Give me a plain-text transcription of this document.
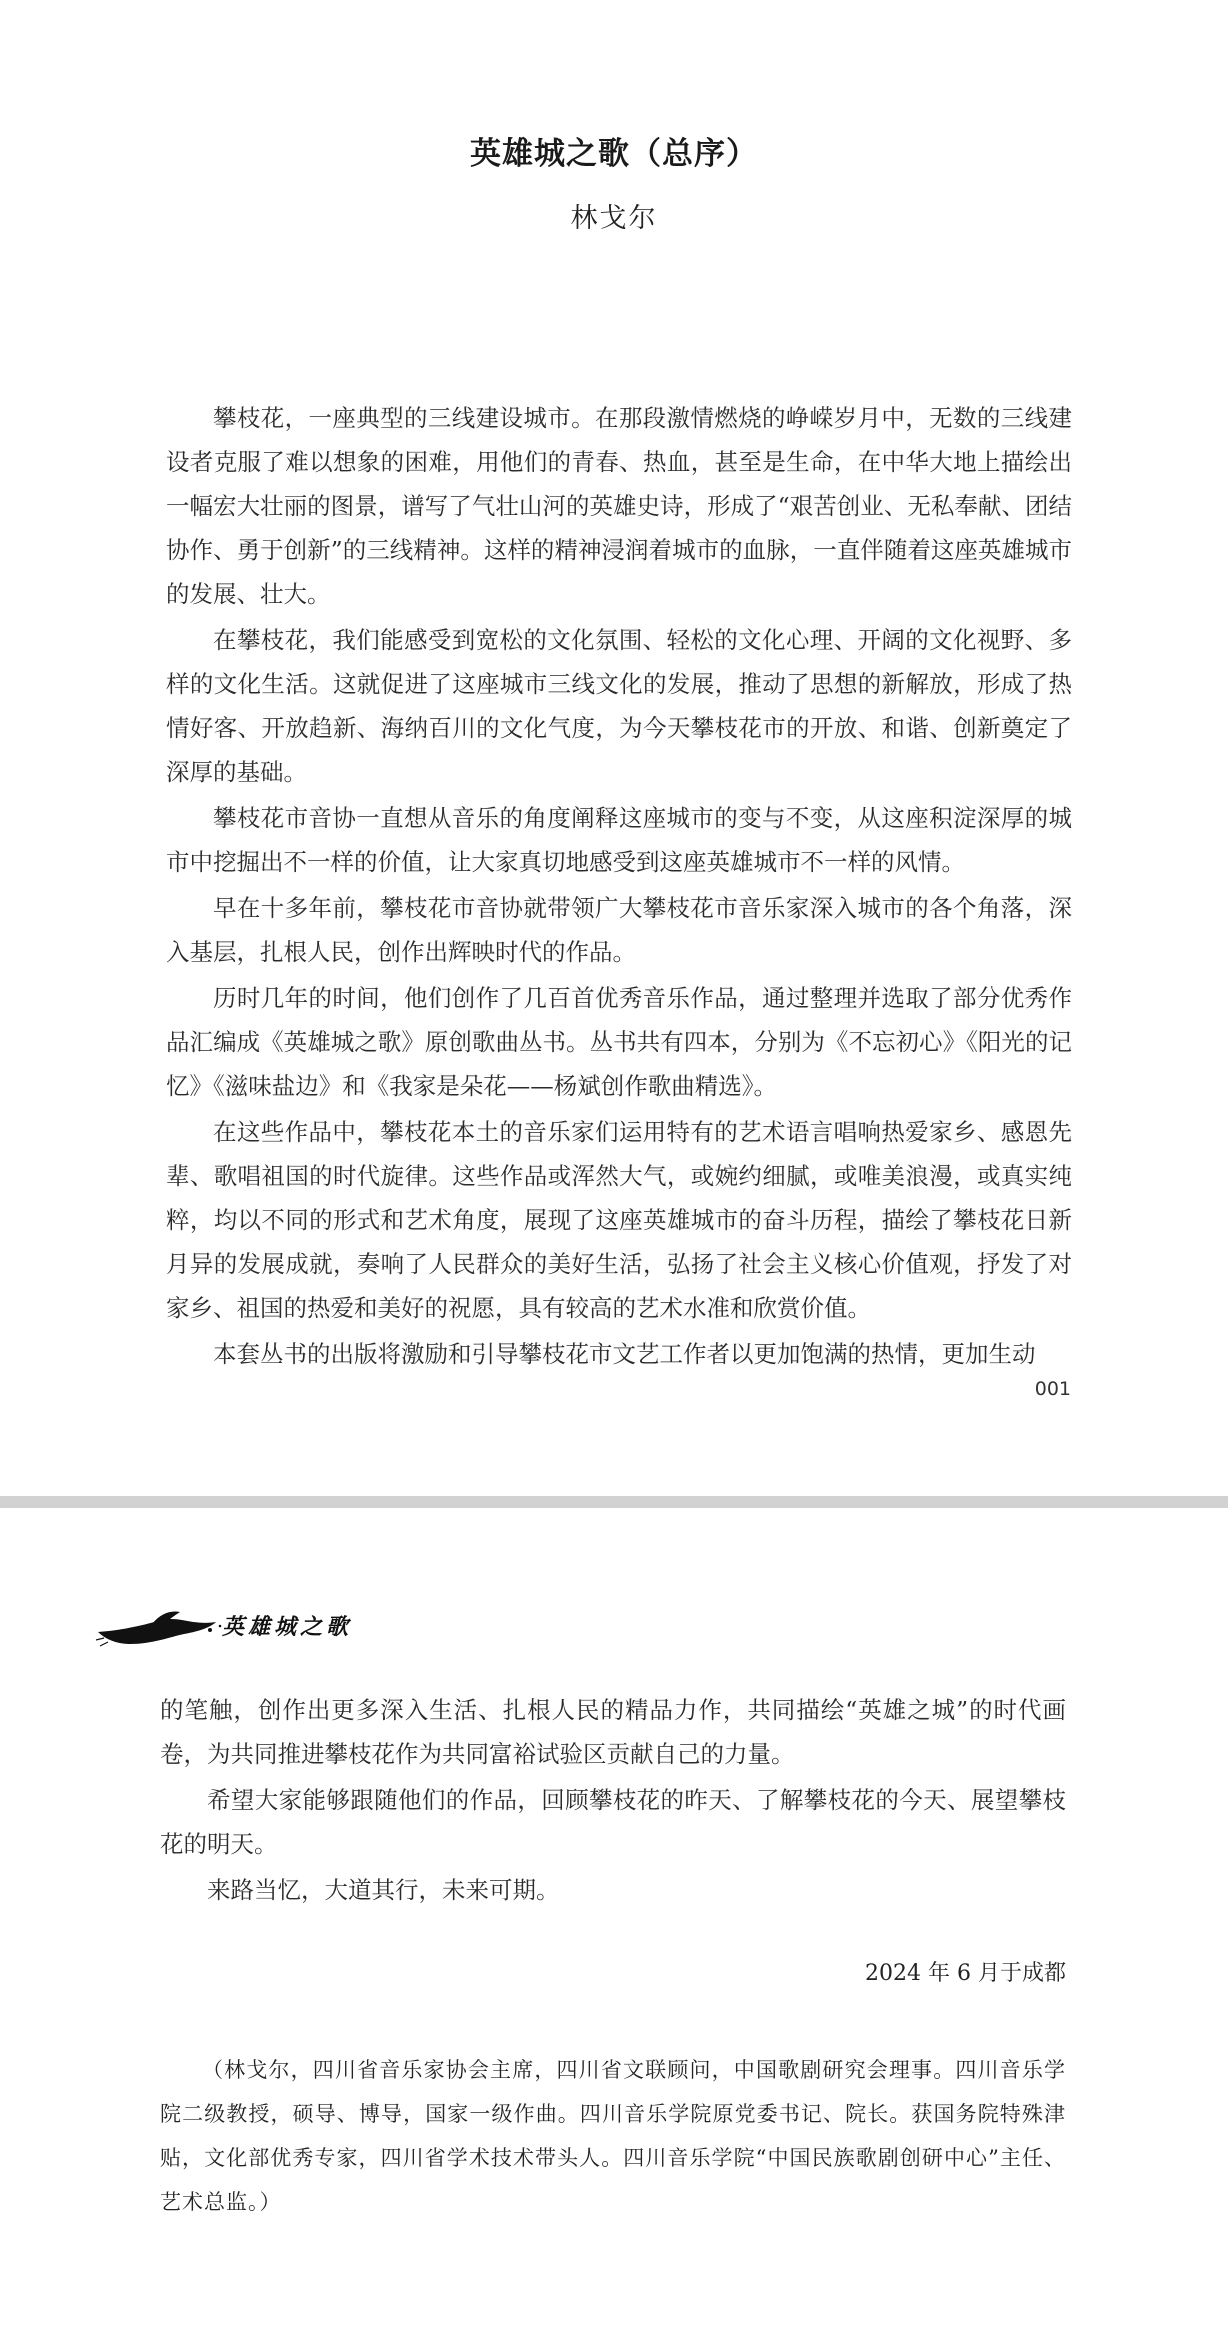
英雄城之歌（总序）
林戈尔

攀枝花，一座典型的三线建设城市。在那段激情燃烧的峥嵘岁月中，无数的三线建设者克服了难以想象的困难，用他们的青春、热血，甚至是生命，在中华大地上描绘出一幅宏大壮丽的图景，谱写了气壮山河的英雄史诗，形成了“艰苦创业、无私奉献、团结协作、勇于创新”的三线精神。这样的精神浸润着城市的血脉，一直伴随着这座英雄城市的发展、壮大。

在攀枝花，我们能感受到宽松的文化氛围、轻松的文化心理、开阔的文化视野、多样的文化生活。这就促进了这座城市三线文化的发展，推动了思想的新解放，形成了热情好客、开放趋新、海纳百川的文化气度，为今天攀枝花市的开放、和谐、创新奠定了深厚的基础。

攀枝花市音协一直想从音乐的角度阐释这座城市的变与不变，从这座积淀深厚的城市中挖掘出不一样的价值，让大家真切地感受到这座英雄城市不一样的风情。

早在十多年前，攀枝花市音协就带领广大攀枝花市音乐家深入城市的各个角落，深入基层，扎根人民，创作出辉映时代的作品。

历时几年的时间，他们创作了几百首优秀音乐作品，通过整理并选取了部分优秀作品汇编成《英雄城之歌》原创歌曲丛书。丛书共有四本，分别为《不忘初心》《阳光的记忆》《滋味盐边》和《我家是朵花——杨斌创作歌曲精选》。

在这些作品中，攀枝花本土的音乐家们运用特有的艺术语言唱响热爱家乡、感恩先辈、歌唱祖国的时代旋律。这些作品或浑然大气，或婉约细腻，或唯美浪漫，或真实纯粹，均以不同的形式和艺术角度，展现了这座英雄城市的奋斗历程，描绘了攀枝花日新月异的发展成就，奏响了人民群众的美好生活，弘扬了社会主义核心价值观，抒发了对家乡、祖国的热爱和美好的祝愿，具有较高的艺术水准和欣赏价值。

本套丛书的出版将激励和引导攀枝花市文艺工作者以更加饱满的热情，更加生动

001
英雄城之歌

的笔触，创作出更多深入生活、扎根人民的精品力作，共同描绘“英雄之城”的时代画卷，为共同推进攀枝花作为共同富裕试验区贡献自己的力量。

希望大家能够跟随他们的作品，回顾攀枝花的昨天、了解攀枝花的今天、展望攀枝花的明天。

来路当忆，大道其行，未来可期。

2024 年 6 月于成都
（林戈尔，四川省音乐家协会主席，四川省文联顾问，中国歌剧研究会理事。四川音乐学院二级教授，硕导、博导，国家一级作曲。四川音乐学院原党委书记、院长。获国务院特殊津贴，文化部优秀专家，四川省学术技术带头人。四川音乐学院“中国民族歌剧创研中心”主任、艺术总监。）
